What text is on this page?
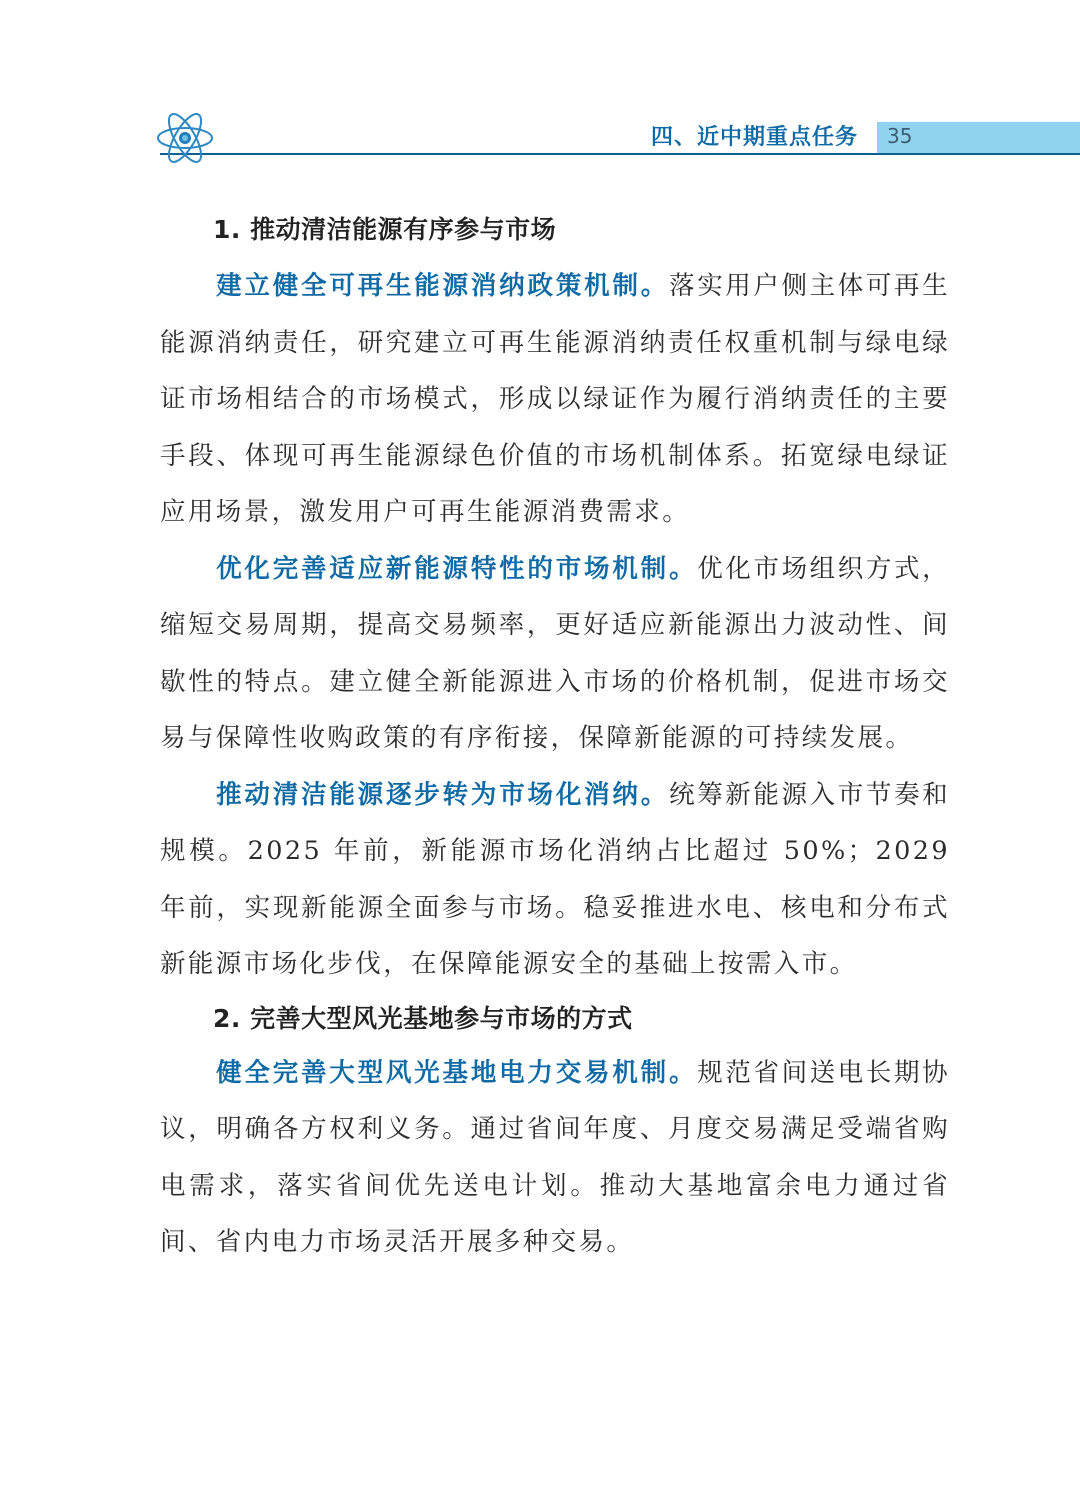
四、近中期重点任务 35
1. 推动清洁能源有序参与市场

建立健全可再生能源消纳政策机制。落实用户侧主体可再生能源消纳责任，研究建立可再生能源消纳责任权重机制与绿电绿证市场相结合的市场模式，形成以绿证作为履行消纳责任的主要手段、体现可再生能源绿色价值的市场机制体系。拓宽绿电绿证应用场景，激发用户可再生能源消费需求。

优化完善适应新能源特性的市场机制。优化市场组织方式，缩短交易周期，提高交易频率，更好适应新能源出力波动性、间歇性的特点。建立健全新能源进入市场的价格机制，促进市场交易与保障性收购政策的有序衔接，保障新能源的可持续发展。

推动清洁能源逐步转为市场化消纳。统筹新能源入市节奏和规模。2025 年前，新能源市场化消纳占比超过 50%；2029 年前，实现新能源全面参与市场。稳妥推进水电、核电和分布式新能源市场化步伐，在保障能源安全的基础上按需入市。

2. 完善大型风光基地参与市场的方式

健全完善大型风光基地电力交易机制。规范省间送电长期协议，明确各方权利义务。通过省间年度、月度交易满足受端省购电需求，落实省间优先送电计划。推动大基地富余电力通过省间、省内电力市场灵活开展多种交易。
